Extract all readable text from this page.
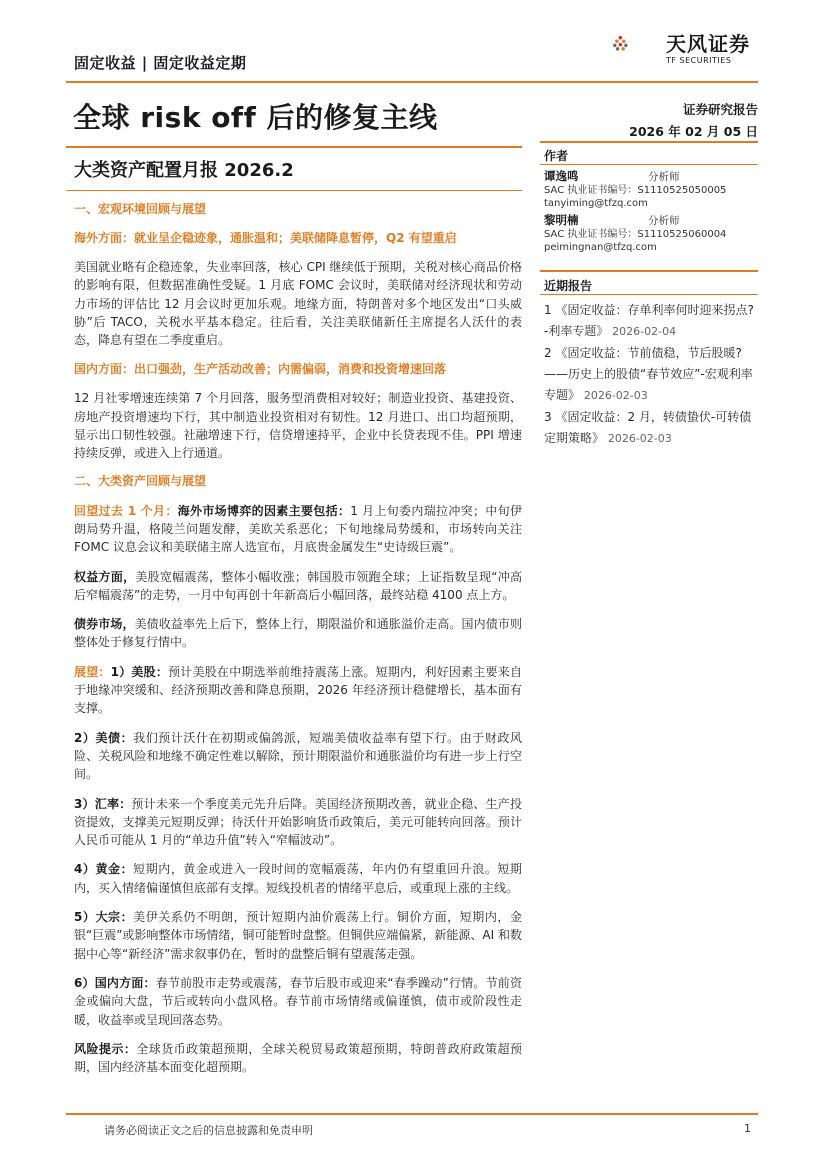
固定收益 | 固定收益定期
天风证券
TF SECURITIES
全球 risk off 后的修复主线
大类资产配置月报 2026.2
证券研究报告
2026 年 02 月 05 日
作者
谭逸鸣	分析师
SAC 执业证书编号：S1110525050005
tanyiming@tfzq.com
黎明楠	分析师
SAC 执业证书编号：S1110525060004
peimingnan@tfzq.com
近期报告
1 《固定收益：存单利率何时迎来拐点? -利率专题》 2026-02-04
2 《固定收益：节前债稳，节后股暖? ——历史上的股债“春节效应”-宏观利率专题》 2026-02-03
3 《固定收益：2 月，转债蛰伏-可转债定期策略》 2026-02-03
一、宏观环境回顾与展望
海外方面：就业呈企稳迹象，通胀温和；美联储降息暂停，Q2 有望重启

美国就业略有企稳迹象，失业率回落，核心 CPI 继续低于预期，关税对核心商品价格的影响有限，但数据准确性受疑。1 月底 FOMC 会议时，美联储对经济现状和劳动力市场的评估比 12 月会议时更加乐观。地缘方面，特朗普对多个地区发出“口头威胁”后 TACO，关税水平基本稳定。往后看，关注美联储新任主席提名人沃什的表态，降息有望在二季度重启。

国内方面：出口强劲，生产活动改善；内需偏弱，消费和投资增速回落

12 月社零增速连续第 7 个月回落，服务型消费相对较好；制造业投资、基建投资、房地产投资增速均下行，其中制造业投资相对有韧性。12 月进口、出口均超预期，显示出口韧性较强。社融增速下行，信贷增速持平，企业中长贷表现不佳。PPI 增速持续反弹，或进入上行通道。

二、大类资产回顾与展望

回望过去 1 个月：海外市场博弈的因素主要包括：1 月上旬委内瑞拉冲突；中旬伊朗局势升温，格陵兰问题发酵，美欧关系恶化；下旬地缘局势缓和，市场转向关注 FOMC 议息会议和美联储主席人选宣布，月底贵金属发生“史诗级巨震”。

权益方面，美股宽幅震荡，整体小幅收涨；韩国股市领跑全球；上证指数呈现“冲高后窄幅震荡”的走势，一月中旬再创十年新高后小幅回落，最终站稳 4100 点上方。

债券市场，美债收益率先上后下，整体上行，期限溢价和通胀溢价走高。国内债市则整体处于修复行情中。

展望：1）美股：预计美股在中期选举前维持震荡上涨。短期内，利好因素主要来自于地缘冲突缓和、经济预期改善和降息预期，2026 年经济预计稳健增长，基本面有支撑。

2）美债：我们预计沃什在初期或偏鸽派，短端美债收益率有望下行。由于财政风险、关税风险和地缘不确定性难以解除，预计期限溢价和通胀溢价均有进一步上行空间。

3）汇率：预计未来一个季度美元先升后降。美国经济预期改善，就业企稳、生产投资提效，支撑美元短期反弹；待沃什开始影响货币政策后，美元可能转向回落。预计人民币可能从 1 月的“单边升值”转入“窄幅波动”。

4）黄金：短期内，黄金或进入一段时间的宽幅震荡，年内仍有望重回升浪。短期内，买入情绪偏谨慎但底部有支撑。短线投机者的情绪平息后，或重现上涨的主线。

5）大宗：美伊关系仍不明朗，预计短期内油价震荡上行。铜价方面，短期内，金银“巨震”或影响整体市场情绪，铜可能暂时盘整。但铜供应端偏紧，新能源、AI 和数据中心等“新经济”需求叙事仍在，暂时的盘整后铜有望震荡走强。

6）国内方面：春节前股市走势或震荡，春节后股市或迎来“春季躁动”行情。节前资金或偏向大盘，节后或转向小盘风格。春节前市场情绪或偏谨慎，债市或阶段性走暖，收益率或呈现回落态势。

风险提示：全球货币政策超预期，全球关税贸易政策超预期，特朗普政府政策超预期，国内经济基本面变化超预期。

请务必阅读正文之后的信息披露和免责申明	1
